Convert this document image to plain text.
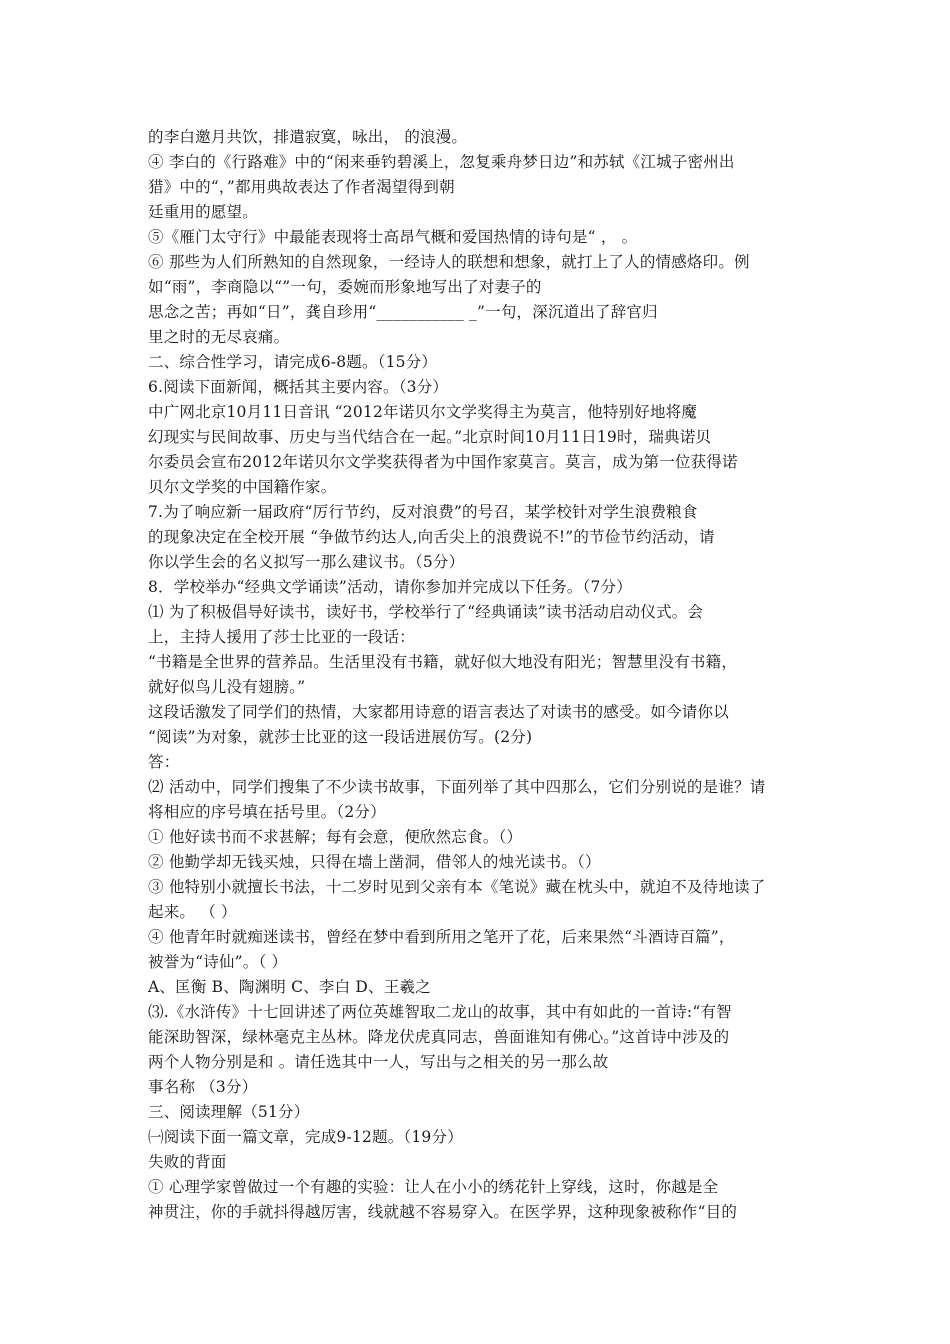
的李白邀月共饮，排遣寂寞，咏出， 的浪漫。
④ 李白的《行路难》中的“闲来垂钓碧溪上，忽复乘舟梦日边”和苏轼《江城子密州出
猎》中的“，”都用典故表达了作者渴望得到朝
廷重用的愿望。
⑤《雁门太守行》中最能表现将士高昂气概和爱国热情的诗句是“ ， 。
⑥ 那些为人们所熟知的自然现象，一经诗人的联想和想象，就打上了人的情感烙印。例
如“雨”，李商隐以“”一句，委婉而形象地写出了对妻子的
思念之苦；再如“日”，龚自珍用“___________ _”一句，深沉道出了辞官归
里之时的无尽哀痛。
二、综合性学习，请完成6-8题。（15分）
6.阅读下面新闻，概括其主要内容。（3分）
中广网北京10月11日音讯 “2012年诺贝尔文学奖得主为莫言，他特别好地将魔
幻现实与民间故事、历史与当代结合在一起。”北京时间10月11日19时，瑞典诺贝
尔委员会宣布2012年诺贝尔文学奖获得者为中国作家莫言。莫言，成为第一位获得诺
贝尔文学奖的中国籍作家。
7.为了响应新一届政府“厉行节约，反对浪费”的号召，某学校针对学生浪费粮食
的现象决定在全校开展 “争做节约达人,向舌尖上的浪费说不!”的节俭节约活动，请
你以学生会的名义拟写一那么建议书。（5分）
8．学校举办“经典文学诵读”活动，请你参加并完成以下任务。（7分）
⑴ 为了积极倡导好读书，读好书，学校举行了“经典诵读”读书活动启动仪式。会
上，主持人援用了莎士比亚的一段话：
“书籍是全世界的营养品。生活里没有书籍，就好似大地没有阳光；智慧里没有书籍，
就好似鸟儿没有翅膀。”
这段话激发了同学们的热情，大家都用诗意的语言表达了对读书的感受。如今请你以
“阅读”为对象，就莎士比亚的这一段话进展仿写。(2分)
答：
⑵ 活动中，同学们搜集了不少读书故事，下面列举了其中四那么，它们分别说的是谁？请
将相应的序号填在括号里。（2分）
① 他好读书而不求甚解；每有会意，便欣然忘食。（）
② 他勤学却无钱买烛，只得在墙上凿洞，借邻人的烛光读书。（）
③ 他特别小就擅长书法，十二岁时见到父亲有本《笔说》藏在枕头中，就迫不及待地读了
起来。 （ ）
④ 他青年时就痴迷读书，曾经在梦中看到所用之笔开了花，后来果然“斗酒诗百篇”，
被誉为“诗仙”。（ ）
A、匡衡 B、陶渊明 C、李白 D、王羲之
⑶.《水浒传》十七回讲述了两位英雄智取二龙山的故事，其中有如此的一首诗:“有智
能深助智深，绿林毫克主丛林。降龙伏虎真同志，兽面谁知有佛心。”这首诗中涉及的
两个人物分别是和 。请任选其中一人，写出与之相关的另一那么故
事名称 （3分）
三、阅读理解（51分）
㈠阅读下面一篇文章，完成9-12题。（19分）
失败的背面
① 心理学家曾做过一个有趣的实验：让人在小小的绣花针上穿线，这时，你越是全
神贯注，你的手就抖得越厉害，线就越不容易穿入。在医学界，这种现象被称作“目的
